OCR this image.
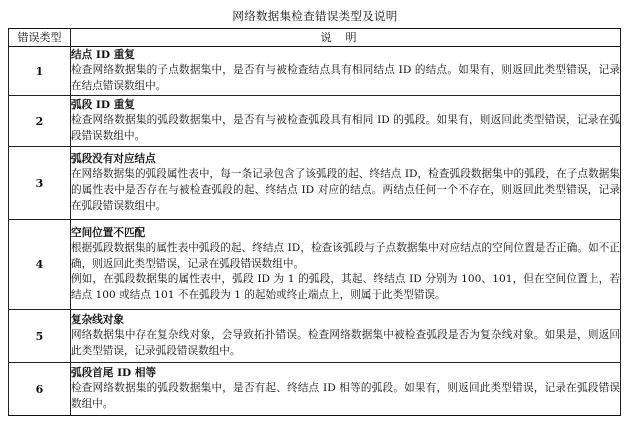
网络数据集检查错误类型及说明
错误类型	说明
1	结点 ID 重复
检查网络数据集的子点数据集中，是否有与被检查结点具有相同结点 ID 的结点。如果有，则返回此类型错误，记录在结点错误数组中。

2	弧段 ID 重复
检查网络数据集的弧段数据集中，是否有与被检查弧段具有相同 ID 的弧段。如果有，则返回此类型错误，记录在弧段错误数组中。

3	弧段没有对应结点
在网络数据集的弧段属性表中，每一条记录包含了该弧段的起、终结点 ID，检查弧段数据集中的弧段，在子点数据集的属性表中是否存在与被检查弧段的起、终结点 ID 对应的结点。两结点任何一个不存在，则返回此类型错误，记录在弧段错误数组中。

4	空间位置不匹配
根据弧段数据集的属性表中弧段的起、终结点 ID，检查该弧段与子点数据集中对应结点的空间位置是否正确。如不正确，则返回此类型错误，记录在弧段错误数组中。
例如，在弧段数据集的属性表中，弧段 ID 为 1 的弧段，其起、终结点 ID 分别为 100、101，但在空间位置上，若结点 100 或结点 101 不在弧段为 1 的起始或终止端点上，则属于此类型错误。

5	复杂线对象
网络数据集中存在复杂线对象，会导致拓扑错误。检查网络数据集中被检查弧段是否为复杂线对象。如果是，则返回此类型错误，记录弧段错误数组中。

6	弧段首尾 ID 相等
检查网络数据集的弧段数据集中，是否有起、终结点 ID 相等的弧段。如果有，则返回此类型错误，记录在弧段错误数组中。
